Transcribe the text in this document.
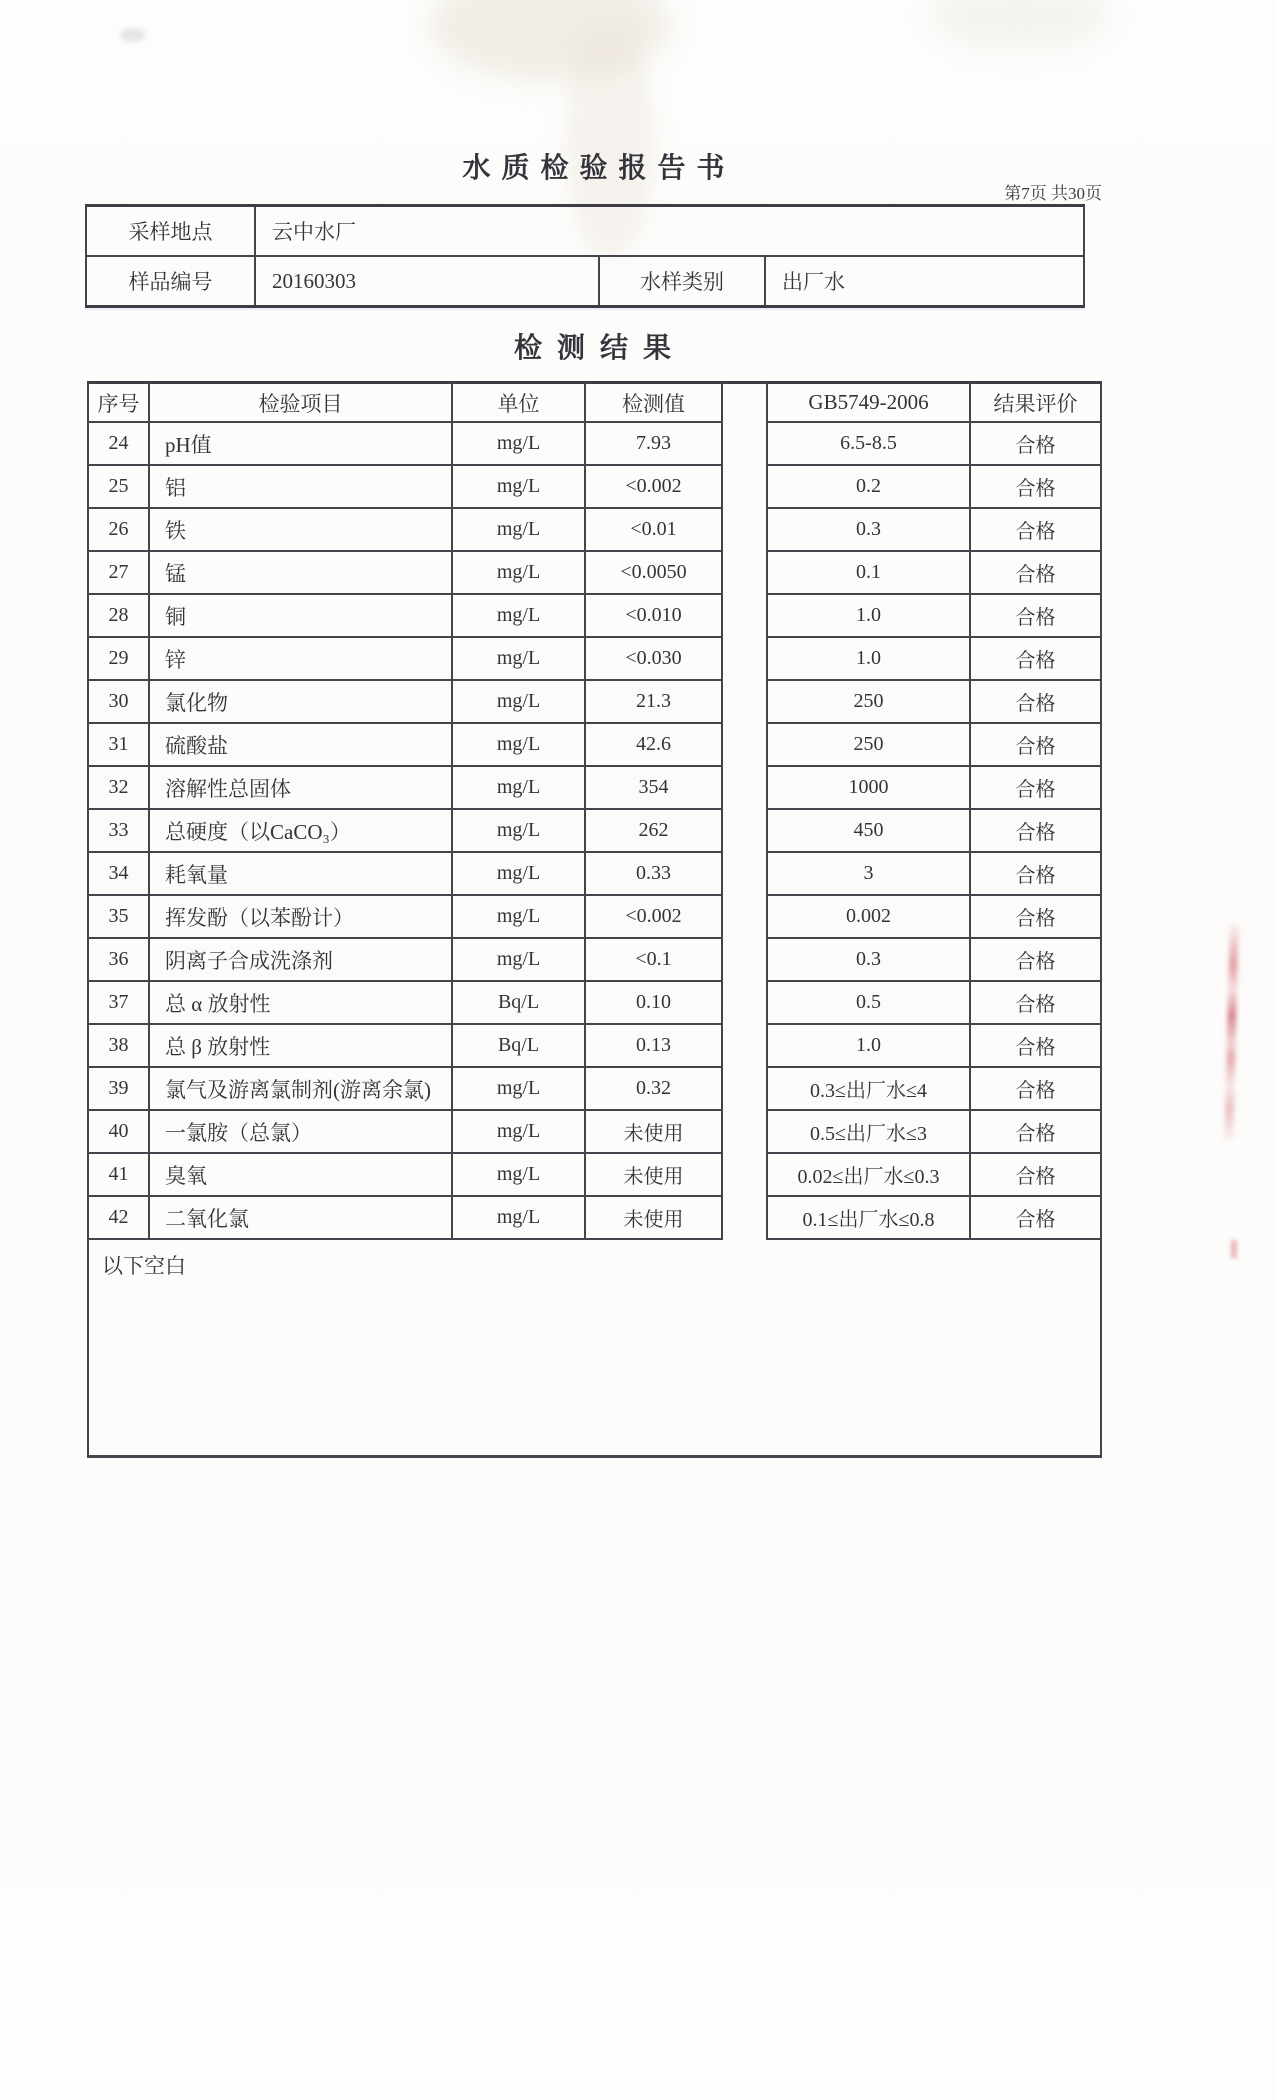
水 质 检 验 报 告 书
第7页 共30页
采样地点	云中水厂
样品编号	20160303	水样类别	出厂水
检 测 结 果
序号	检验项目	单位	检测值	GB5749-2006	结果评价
24	pH值	mg/L	7.93	6.5-8.5	合格
25	铝	mg/L	<0.002	0.2	合格
26	铁	mg/L	<0.01	0.3	合格
27	锰	mg/L	<0.0050	0.1	合格
28	铜	mg/L	<0.010	1.0	合格
29	锌	mg/L	<0.030	1.0	合格
30	氯化物	mg/L	21.3	250	合格
31	硫酸盐	mg/L	42.6	250	合格
32	溶解性总固体	mg/L	354	1000	合格
33	总硬度（以CaCO₃）	mg/L	262	450	合格
34	耗氧量	mg/L	0.33	3	合格
35	挥发酚（以苯酚计）	mg/L	<0.002	0.002	合格
36	阴离子合成洗涤剂	mg/L	<0.1	0.3	合格
37	总 α 放射性	Bq/L	0.10	0.5	合格
38	总 β 放射性	Bq/L	0.13	1.0	合格
39	氯气及游离氯制剂(游离余氯)	mg/L	0.32	0.3≤出厂水≤4	合格
40	一氯胺（总氯）	mg/L	未使用	0.5≤出厂水≤3	合格
41	臭氧	mg/L	未使用	0.02≤出厂水≤0.3	合格
42	二氧化氯	mg/L	未使用	0.1≤出厂水≤0.8	合格
以下空白
